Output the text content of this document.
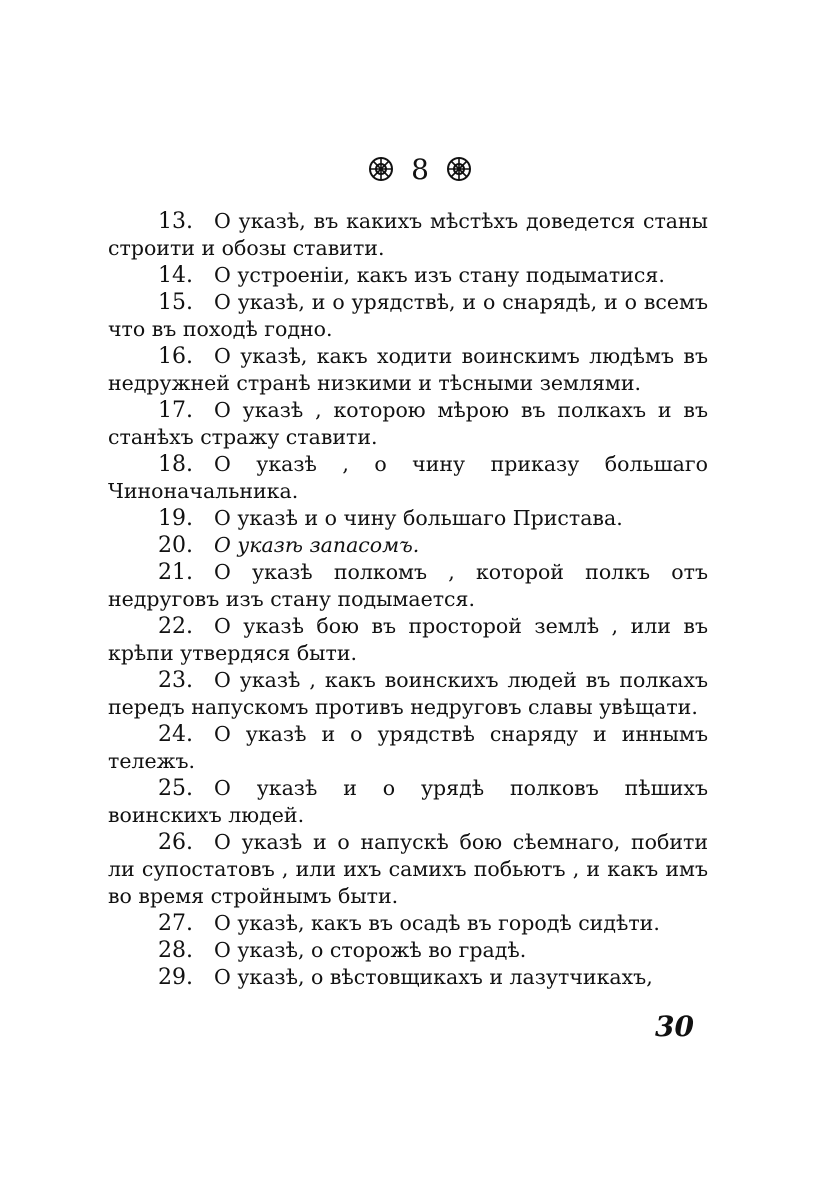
8

13. О указѣ, въ какихъ мѣстѣхъ доведется станы строити и обозы ставити.

14. О устроеніи, какъ изъ стану подыматися.

15. О указѣ, и о урядствѣ, и о снарядѣ, и о всемъ что въ походѣ годно.

16. О указѣ, какъ ходити воинскимъ людѣмъ въ недружней странѣ низкими и тѣсными землями.

17. О указѣ , которою мѣрою въ полкахъ и въ станѣхъ стражу ставити.

18. О указѣ , о чину приказу большаго Чиноначальника.

19. О указѣ и о чину большаго Пристава.

20. О указѣ запасомъ.

21. О указѣ полкомъ , которой полкъ отъ недруговъ изъ стану подымается.

22. О указѣ бою въ просторой землѣ , или въ крѣпи утвердяся быти.

23. О указѣ , какъ воинскихъ людей въ полкахъ передъ напускомъ противъ недруговъ славы увѣщати.

24. О указѣ и о урядствѣ снаряду и иннымъ тележъ.

25. О указѣ и о урядѣ полковъ пѣшихъ воинскихъ людей.

26. О указѣ и о напускѣ бою сѣемнаго, побити ли супостатовъ , или ихъ самихъ побьютъ , и какъ имъ во время стройнымъ быти.

27. О указѣ, какъ въ осадѣ въ городѣ сидѣти.

28. О указѣ, о сторожѣ во градѣ.

29. О указѣ, о вѣстовщикахъ и лазутчикахъ,

30
